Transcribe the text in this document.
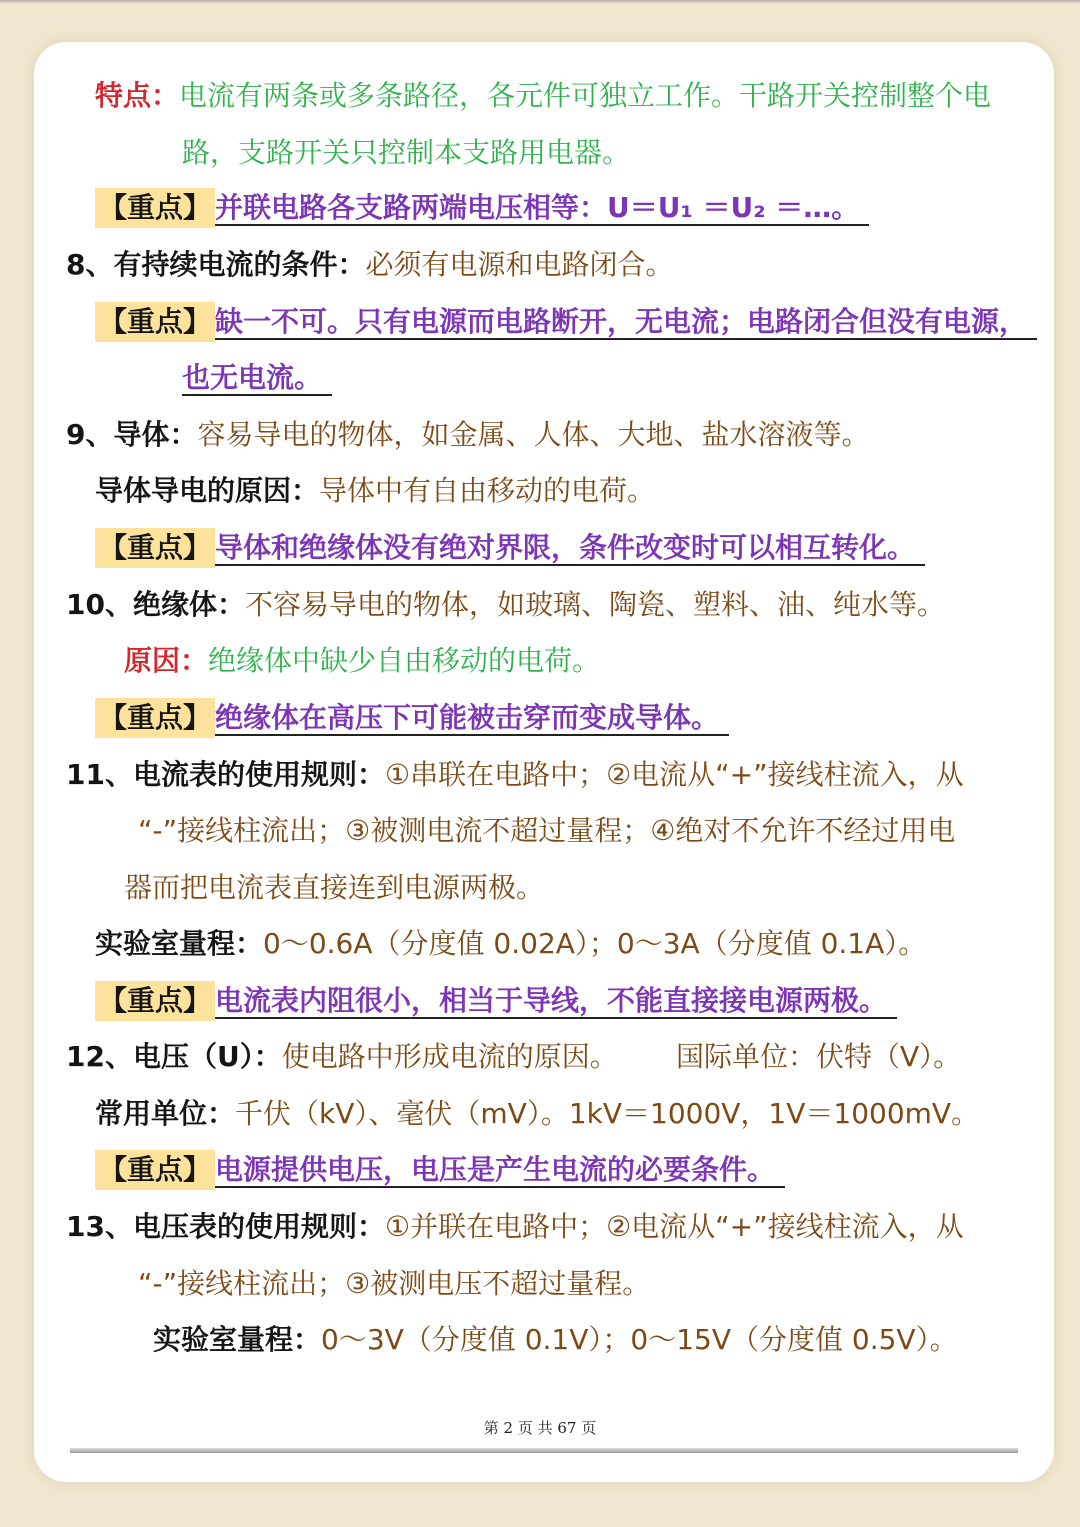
特点：电流有两条或多条路径，各元件可独立工作。干路开关控制整个电
路，支路开关只控制本支路用电器。
【重点】 并联电路各支路两端电压相等：U＝U₁ ＝U₂ ＝…。
8、有持续电流的条件：必须有电源和电路闭合。
【重点】 缺一不可。只有电源而电路断开，无电流；电路闭合但没有电源，
也无电流。
9、导体：容易导电的物体，如金属、人体、大地、盐水溶液等。
导体导电的原因：导体中有自由移动的电荷。
【重点】 导体和绝缘体没有绝对界限，条件改变时可以相互转化。
10、绝缘体：不容易导电的物体，如玻璃、陶瓷、塑料、油、纯水等。
原因：绝缘体中缺少自由移动的电荷。
【重点】 绝缘体在高压下可能被击穿而变成导体。
11、电流表的使用规则：①串联在电路中；②电流从“+”接线柱流入，从
“-”接线柱流出；③被测电流不超过量程；④绝对不允许不经过用电
器而把电流表直接连到电源两极。
实验室量程：0～0.6A（分度值 0.02A）；0～3A（分度值 0.1A）。
【重点】 电流表内阻很小，相当于导线，不能直接接电源两极。
12、电压（U）：使电路中形成电流的原因。 国际单位：伏特（V）。
常用单位：千伏（kV）、毫伏（mV）。1kV＝1000V，1V＝1000mV。
【重点】 电源提供电压，电压是产生电流的必要条件。
13、电压表的使用规则：①并联在电路中；②电流从“+”接线柱流入，从
“-”接线柱流出；③被测电压不超过量程。
实验室量程：0～3V（分度值 0.1V）；0～15V（分度值 0.5V）。
第 2 页 共 67 页
